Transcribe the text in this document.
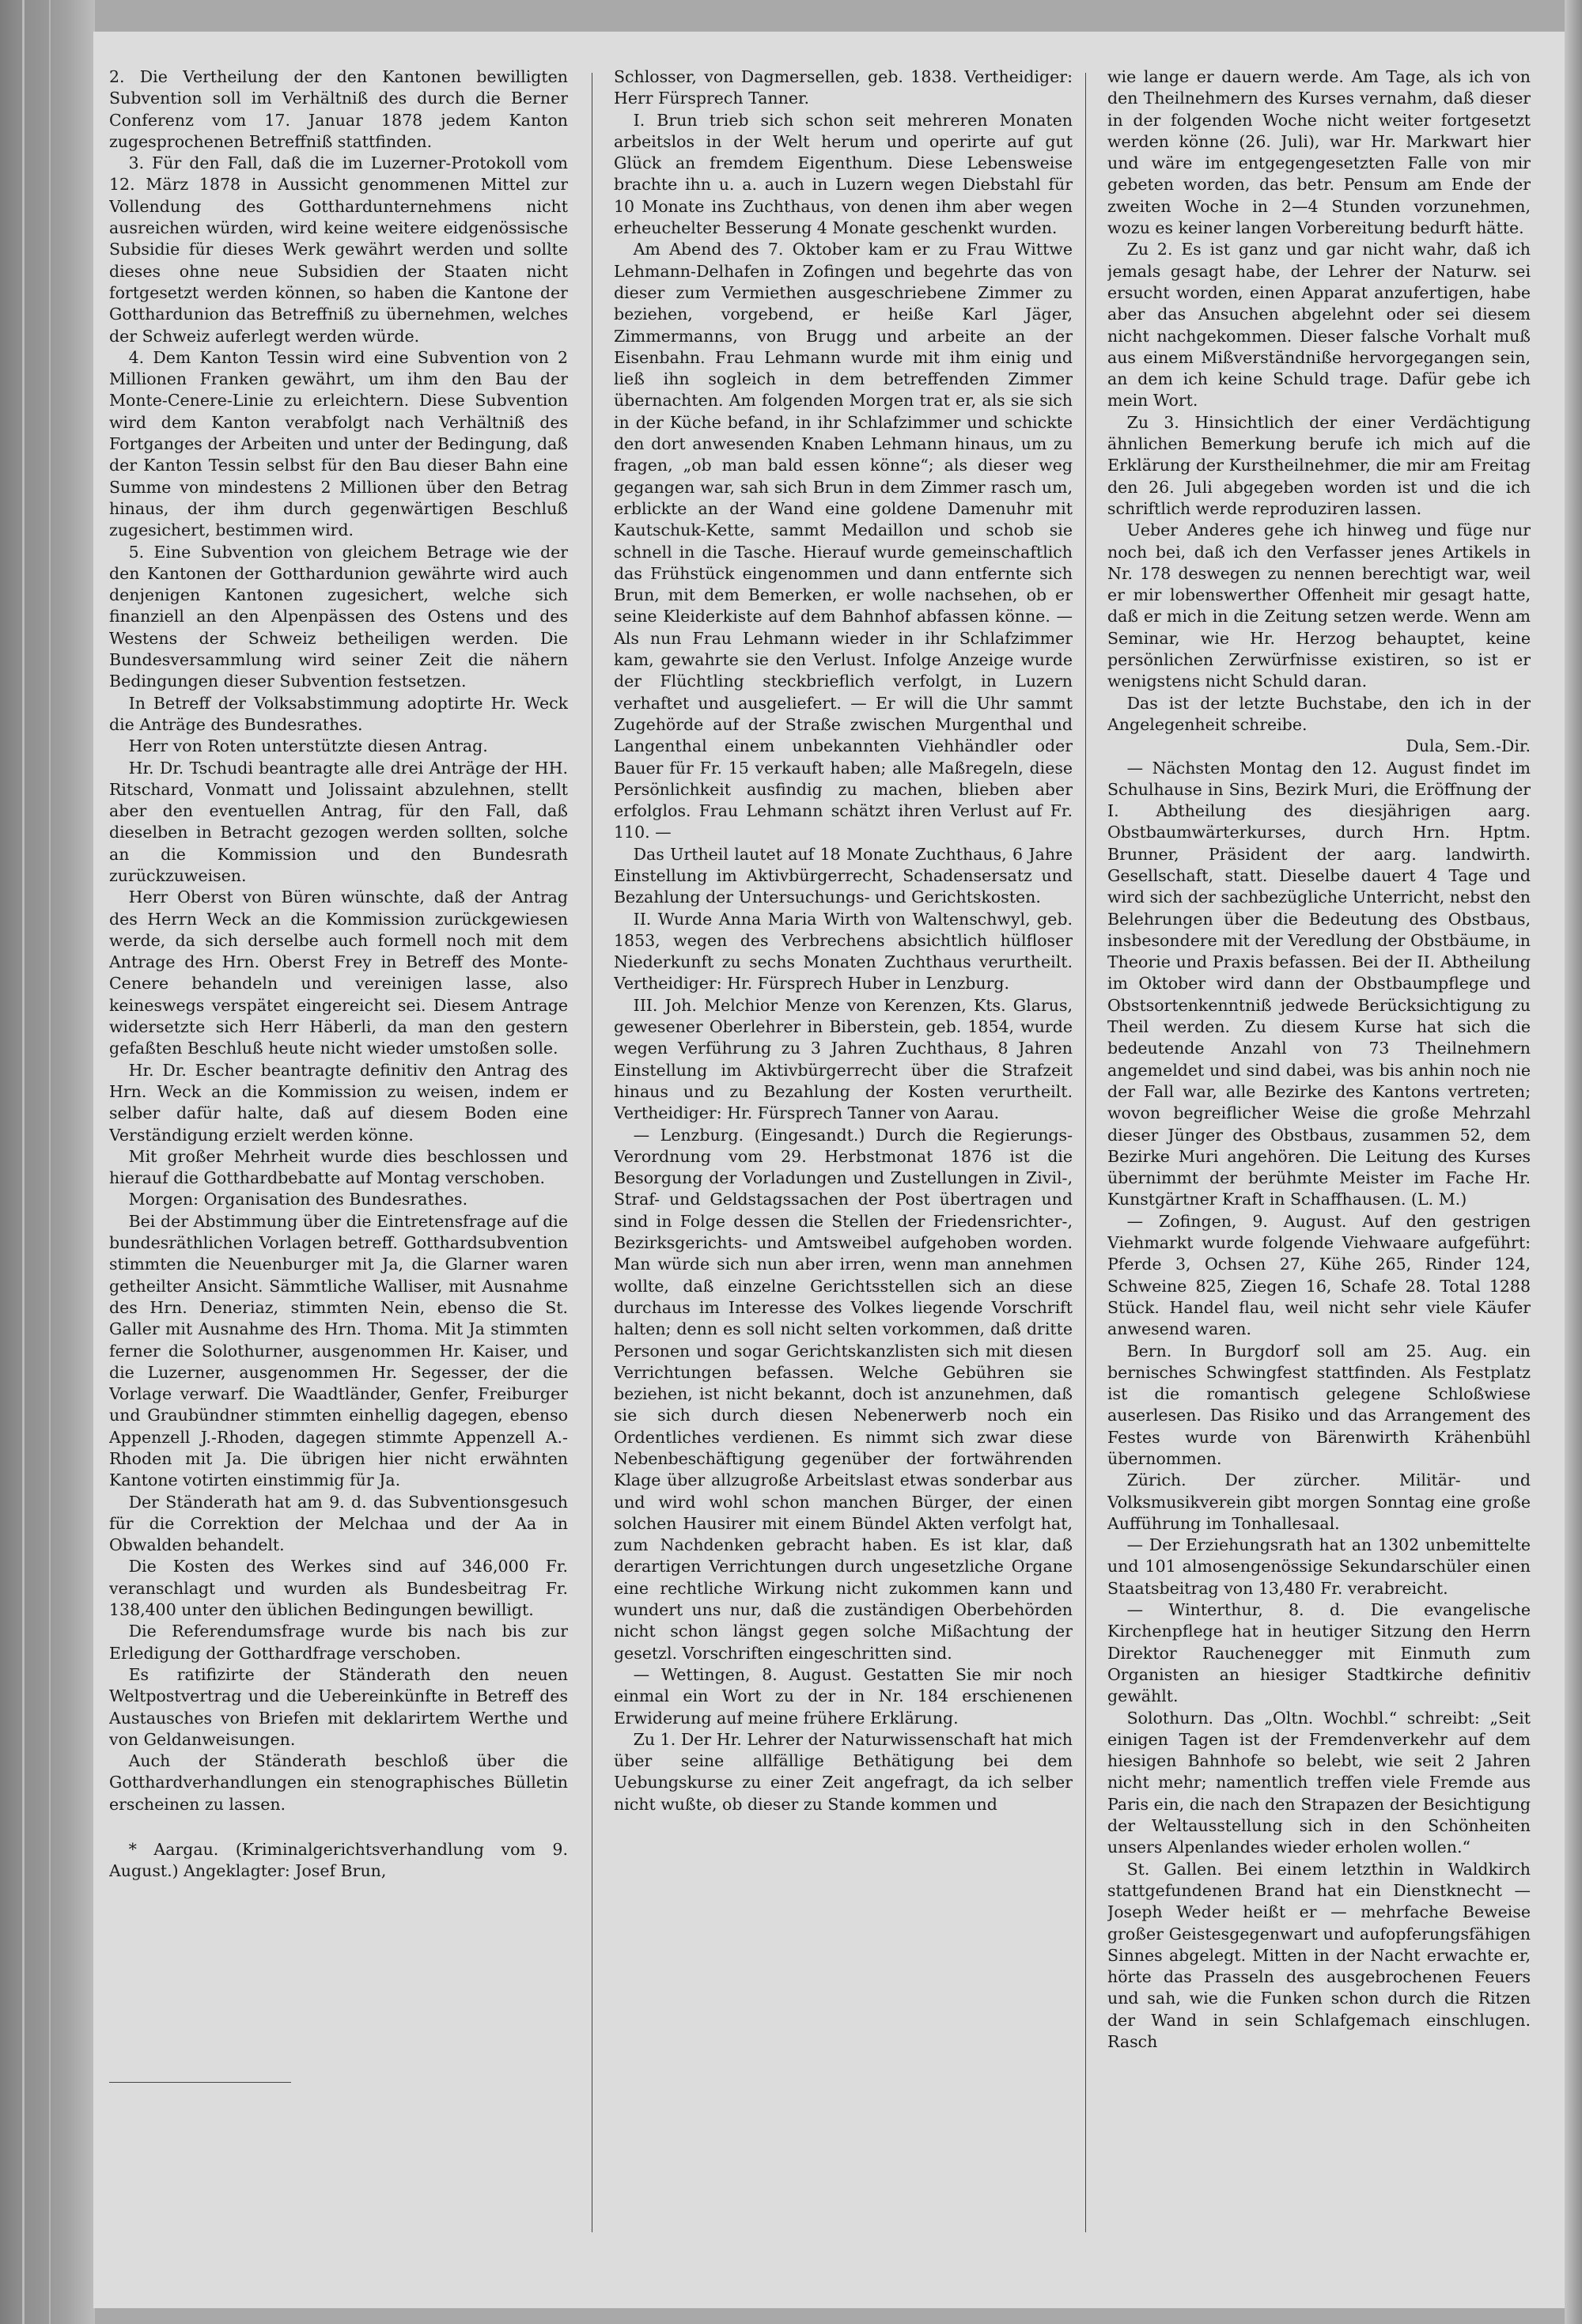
2. Die Vertheilung der den Kantonen bewilligten Subvention soll im Verhältniß des durch die Berner Conferenz vom 17. Januar 1878 jedem Kanton zugesprochenen Betreffniß stattfinden.

3. Für den Fall, daß die im Luzerner-Protokoll vom 12. März 1878 in Aussicht genommenen Mittel zur Vollendung des Gotthardunternehmens nicht ausreichen würden, wird keine weitere eidgenössische Subsidie für dieses Werk gewährt werden und sollte dieses ohne neue Subsidien der Staaten nicht fortgesetzt werden können, so haben die Kantone der Gotthardunion das Betreffniß zu übernehmen, welches der Schweiz auferlegt werden würde.

4. Dem Kanton Tessin wird eine Subvention von 2 Millionen Franken gewährt, um ihm den Bau der Monte-Cenere-Linie zu erleichtern. Diese Subvention wird dem Kanton verabfolgt nach Verhältniß des Fortganges der Arbeiten und unter der Bedingung, daß der Kanton Tessin selbst für den Bau dieser Bahn eine Summe von mindestens 2 Millionen über den Betrag hinaus, der ihm durch gegenwärtigen Beschluß zugesichert, bestimmen wird.

5. Eine Subvention von gleichem Betrage wie der den Kantonen der Gotthardunion gewährte wird auch denjenigen Kantonen zugesichert, welche sich finanziell an den Alpenpässen des Ostens und des Westens der Schweiz betheiligen werden. Die Bundesversammlung wird seiner Zeit die nähern Bedingungen dieser Subvention festsetzen.

In Betreff der Volksabstimmung adoptirte Hr. Weck die Anträge des Bundesrathes.

Herr von Roten unterstützte diesen Antrag.

Hr. Dr. Tschudi beantragte alle drei Anträge der HH. Ritschard, Vonmatt und Jolissaint abzulehnen, stellt aber den eventuellen Antrag, für den Fall, daß dieselben in Betracht gezogen werden sollten, solche an die Kommission und den Bundesrath zurückzuweisen.

Herr Oberst von Büren wünschte, daß der Antrag des Herrn Weck an die Kommission zurückgewiesen werde, da sich derselbe auch formell noch mit dem Antrage des Hrn. Oberst Frey in Betreff des Monte-Cenere behandeln und vereinigen lasse, also keineswegs verspätet eingereicht sei. Diesem Antrage widersetzte sich Herr Häberli, da man den gestern gefaßten Beschluß heute nicht wieder umstoßen solle.

Hr. Dr. Escher beantragte definitiv den Antrag des Hrn. Weck an die Kommission zu weisen, indem er selber dafür halte, daß auf diesem Boden eine Verständigung erzielt werden könne.

Mit großer Mehrheit wurde dies beschlossen und hierauf die Gotthardbebatte auf Montag verschoben.

Morgen: Organisation des Bundesrathes.

Bei der Abstimmung über die Eintretensfrage auf die bundesräthlichen Vorlagen betreff. Gotthardsubvention stimmten die Neuenburger mit Ja, die Glarner waren getheilter Ansicht. Sämmtliche Walliser, mit Ausnahme des Hrn. Deneriaz, stimmten Nein, ebenso die St. Galler mit Ausnahme des Hrn. Thoma. Mit Ja stimmten ferner die Solothurner, ausgenommen Hr. Kaiser, und die Luzerner, ausgenommen Hr. Segesser, der die Vorlage verwarf. Die Waadtländer, Genfer, Freiburger und Graubündner stimmten einhellig dagegen, ebenso Appenzell J.-Rhoden, dagegen stimmte Appenzell A.-Rhoden mit Ja. Die übrigen hier nicht erwähnten Kantone votirten einstimmig für Ja.

Der Ständerath hat am 9. d. das Subventionsgesuch für die Correktion der Melchaa und der Aa in Obwalden behandelt.

Die Kosten des Werkes sind auf 346,000 Fr. veranschlagt und wurden als Bundesbeitrag Fr. 138,400 unter den üblichen Bedingungen bewilligt.

Die Referendumsfrage wurde bis nach bis zur Erledigung der Gotthardfrage verschoben.

Es ratifizirte der Ständerath den neuen Weltpostvertrag und die Uebereinkünfte in Betreff des Austausches von Briefen mit deklarirtem Werthe und von Geldanweisungen.

Auch der Ständerath beschloß über die Gotthardverhandlungen ein stenographisches Bülletin erscheinen zu lassen.

* Aargau. (Kriminalgerichtsverhandlung vom 9. August.) Angeklagter: Josef Brun,

Schlosser, von Dagmersellen, geb. 1838. Vertheidiger: Herr Fürsprech Tanner.

I. Brun trieb sich schon seit mehreren Monaten arbeitslos in der Welt herum und operirte auf gut Glück an fremdem Eigenthum. Diese Lebensweise brachte ihn u. a. auch in Luzern wegen Diebstahl für 10 Monate ins Zuchthaus, von denen ihm aber wegen erheuchelter Besserung 4 Monate geschenkt wurden.

Am Abend des 7. Oktober kam er zu Frau Wittwe Lehmann-Delhafen in Zofingen und begehrte das von dieser zum Vermiethen ausgeschriebene Zimmer zu beziehen, vorgebend, er heiße Karl Jäger, Zimmermanns, von Brugg und arbeite an der Eisenbahn. Frau Lehmann wurde mit ihm einig und ließ ihn sogleich in dem betreffenden Zimmer übernachten. Am folgenden Morgen trat er, als sie sich in der Küche befand, in ihr Schlafzimmer und schickte den dort anwesenden Knaben Lehmann hinaus, um zu fragen, „ob man bald essen könne“; als dieser weg gegangen war, sah sich Brun in dem Zimmer rasch um, erblickte an der Wand eine goldene Damenuhr mit Kautschuk-Kette, sammt Medaillon und schob sie schnell in die Tasche. Hierauf wurde gemeinschaftlich das Frühstück eingenommen und dann entfernte sich Brun, mit dem Bemerken, er wolle nachsehen, ob er seine Kleiderkiste auf dem Bahnhof abfassen könne. — Als nun Frau Lehmann wieder in ihr Schlafzimmer kam, gewahrte sie den Verlust. Infolge Anzeige wurde der Flüchtling steckbrieflich verfolgt, in Luzern verhaftet und ausgeliefert. — Er will die Uhr sammt Zugehörde auf der Straße zwischen Murgenthal und Langenthal einem unbekannten Viehhändler oder Bauer für Fr. 15 verkauft haben; alle Maßregeln, diese Persönlichkeit ausfindig zu machen, blieben aber erfolglos. Frau Lehmann schätzt ihren Verlust auf Fr. 110. —

Das Urtheil lautet auf 18 Monate Zuchthaus, 6 Jahre Einstellung im Aktivbürgerrecht, Schadensersatz und Bezahlung der Untersuchungs- und Gerichtskosten.

II. Wurde Anna Maria Wirth von Waltenschwyl, geb. 1853, wegen des Verbrechens absichtlich hülfloser Niederkunft zu sechs Monaten Zuchthaus verurtheilt. Vertheidiger: Hr. Fürsprech Huber in Lenzburg.

III. Joh. Melchior Menze von Kerenzen, Kts. Glarus, gewesener Oberlehrer in Biberstein, geb. 1854, wurde wegen Verführung zu 3 Jahren Zuchthaus, 8 Jahren Einstellung im Aktivbürgerrecht über die Strafzeit hinaus und zu Bezahlung der Kosten verurtheilt. Vertheidiger: Hr. Fürsprech Tanner von Aarau.

— Lenzburg. (Eingesandt.) Durch die Regierungs-Verordnung vom 29. Herbstmonat 1876 ist die Besorgung der Vorladungen und Zustellungen in Zivil-, Straf- und Geldstagssachen der Post übertragen und sind in Folge dessen die Stellen der Friedensrichter-, Bezirksgerichts- und Amtsweibel aufgehoben worden. Man würde sich nun aber irren, wenn man annehmen wollte, daß einzelne Gerichtsstellen sich an diese durchaus im Interesse des Volkes liegende Vorschrift halten; denn es soll nicht selten vorkommen, daß dritte Personen und sogar Gerichtskanzlisten sich mit diesen Verrichtungen befassen. Welche Gebühren sie beziehen, ist nicht bekannt, doch ist anzunehmen, daß sie sich durch diesen Nebenerwerb noch ein Ordentliches verdienen. Es nimmt sich zwar diese Nebenbeschäftigung gegenüber der fortwährenden Klage über allzugroße Arbeitslast etwas sonderbar aus und wird wohl schon manchen Bürger, der einen solchen Hausirer mit einem Bündel Akten verfolgt hat, zum Nachdenken gebracht haben. Es ist klar, daß derartigen Verrichtungen durch ungesetzliche Organe eine rechtliche Wirkung nicht zukommen kann und wundert uns nur, daß die zuständigen Oberbehörden nicht schon längst gegen solche Mißachtung der gesetzl. Vorschriften eingeschritten sind.

— Wettingen, 8. August. Gestatten Sie mir noch einmal ein Wort zu der in Nr. 184 erschienenen Erwiderung auf meine frühere Erklärung.

Zu 1. Der Hr. Lehrer der Naturwissenschaft hat mich über seine allfällige Bethätigung bei dem Uebungskurse zu einer Zeit angefragt, da ich selber nicht wußte, ob dieser zu Stande kommen und

wie lange er dauern werde. Am Tage, als ich von den Theilnehmern des Kurses vernahm, daß dieser in der folgenden Woche nicht weiter fortgesetzt werden könne (26. Juli), war Hr. Markwart hier und wäre im entgegengesetzten Falle von mir gebeten worden, das betr. Pensum am Ende der zweiten Woche in 2—4 Stunden vorzunehmen, wozu es keiner langen Vorbereitung bedurft hätte.

Zu 2. Es ist ganz und gar nicht wahr, daß ich jemals gesagt habe, der Lehrer der Naturw. sei ersucht worden, einen Apparat anzufertigen, habe aber das Ansuchen abgelehnt oder sei diesem nicht nachgekommen. Dieser falsche Vorhalt muß aus einem Mißverständniße hervorgegangen sein, an dem ich keine Schuld trage. Dafür gebe ich mein Wort.

Zu 3. Hinsichtlich der einer Verdächtigung ähnlichen Bemerkung berufe ich mich auf die Erklärung der Kurstheilnehmer, die mir am Freitag den 26. Juli abgegeben worden ist und die ich schriftlich werde reproduziren lassen.

Ueber Anderes gehe ich hinweg und füge nur noch bei, daß ich den Verfasser jenes Artikels in Nr. 178 deswegen zu nennen berechtigt war, weil er mir lobenswerther Offenheit mir gesagt hatte, daß er mich in die Zeitung setzen werde. Wenn am Seminar, wie Hr. Herzog behauptet, keine persönlichen Zerwürfnisse existiren, so ist er wenigstens nicht Schuld daran.

Das ist der letzte Buchstabe, den ich in der Angelegenheit schreibe.

Dula, Sem.-Dir.

— Nächsten Montag den 12. August findet im Schulhause in Sins, Bezirk Muri, die Eröffnung der I. Abtheilung des diesjährigen aarg. Obstbaumwärterkurses, durch Hrn. Hptm. Brunner, Präsident der aarg. landwirth. Gesellschaft, statt. Dieselbe dauert 4 Tage und wird sich der sachbezügliche Unterricht, nebst den Belehrungen über die Bedeutung des Obstbaus, insbesondere mit der Veredlung der Obstbäume, in Theorie und Praxis befassen. Bei der II. Abtheilung im Oktober wird dann der Obstbaumpflege und Obstsortenkenntniß jedwede Berücksichtigung zu Theil werden. Zu diesem Kurse hat sich die bedeutende Anzahl von 73 Theilnehmern angemeldet und sind dabei, was bis anhin noch nie der Fall war, alle Bezirke des Kantons vertreten; wovon begreiflicher Weise die große Mehrzahl dieser Jünger des Obstbaus, zusammen 52, dem Bezirke Muri angehören. Die Leitung des Kurses übernimmt der berühmte Meister im Fache Hr. Kunstgärtner Kraft in Schaffhausen. (L. M.)

— Zofingen, 9. August. Auf den gestrigen Viehmarkt wurde folgende Viehwaare aufgeführt: Pferde 3, Ochsen 27, Kühe 265, Rinder 124, Schweine 825, Ziegen 16, Schafe 28. Total 1288 Stück. Handel flau, weil nicht sehr viele Käufer anwesend waren.

Bern. In Burgdorf soll am 25. Aug. ein bernisches Schwingfest stattfinden. Als Festplatz ist die romantisch gelegene Schloßwiese auserlesen. Das Risiko und das Arrangement des Festes wurde von Bärenwirth Krähenbühl übernommen.

Zürich. Der zürcher. Militär- und Volksmusikverein gibt morgen Sonntag eine große Aufführung im Tonhallesaal.

— Der Erziehungsrath hat an 1302 unbemittelte und 101 almosengenössige Sekundarschüler einen Staatsbeitrag von 13,480 Fr. verabreicht.

— Winterthur, 8. d. Die evangelische Kirchenpflege hat in heutiger Sitzung den Herrn Direktor Rauchenegger mit Einmuth zum Organisten an hiesiger Stadtkirche definitiv gewählt.

Solothurn. Das „Oltn. Wochbl.“ schreibt: „Seit einigen Tagen ist der Fremdenverkehr auf dem hiesigen Bahnhofe so belebt, wie seit 2 Jahren nicht mehr; namentlich treffen viele Fremde aus Paris ein, die nach den Strapazen der Besichtigung der Weltausstellung sich in den Schönheiten unsers Alpenlandes wieder erholen wollen.“

St. Gallen. Bei einem letzthin in Waldkirch stattgefundenen Brand hat ein Dienstknecht — Joseph Weder heißt er — mehrfache Beweise großer Geistesgegenwart und aufopferungsfähigen Sinnes abgelegt. Mitten in der Nacht erwachte er, hörte das Prasseln des ausgebrochenen Feuers und sah, wie die Funken schon durch die Ritzen der Wand in sein Schlafgemach einschlugen. Rasch
